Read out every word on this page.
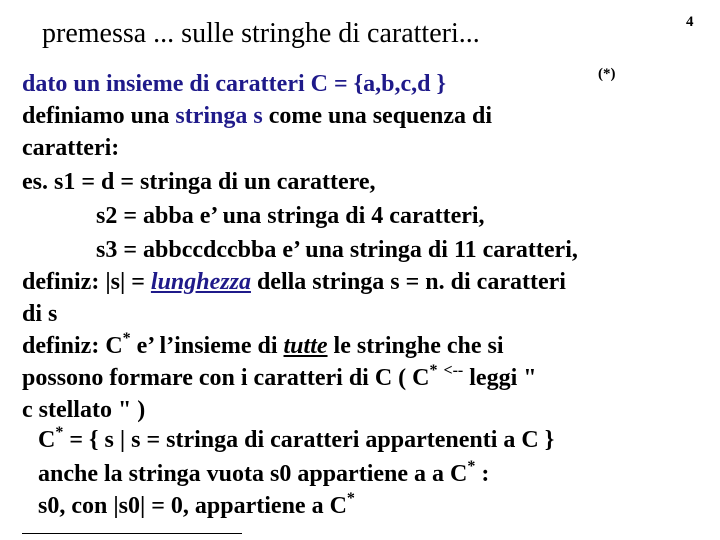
premessa ... sulle stringhe di caratteri...	4
dato un insieme di caratteri C = {a,b,c,d }	(*)
definiamo una stringa s come una sequenza di
caratteri:
es. s1 = d = stringa di un carattere,
s2 = abba e’ una stringa di 4 caratteri,
s3 = abbccdccbba e’ una stringa di 11 caratteri,
definiz: |s| = lunghezza della stringa s = n. di caratteri
di s
definiz: C* e’ l’insieme di tutte le stringhe che si
possono formare con i caratteri di C ( C* <-- leggi "
c stellato " )
C* = { s | s = stringa di caratteri appartenenti a C }
anche la stringa vuota s0 appartiene a a C* :
s0, con |s0| = 0, appartiene a C*
